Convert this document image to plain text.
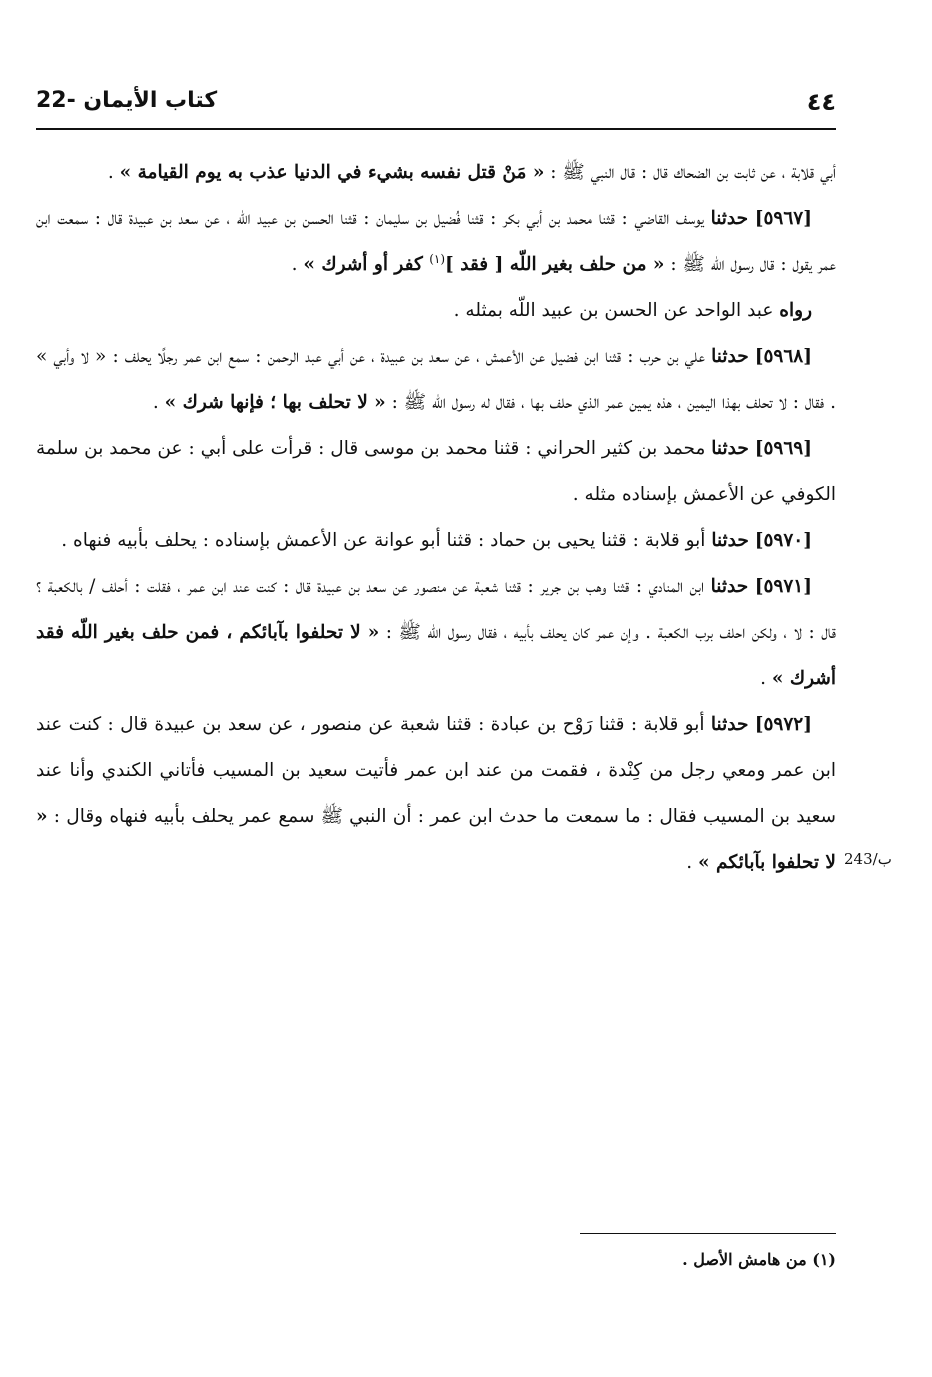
٤٤
22- كتاب الأيمان
243/ب

أبي قلابة ، عن ثابت بن الضحاك قال : قال النبي ﷺ : « مَنْ قتل نفسه بشيء في الدنيا عذب به يوم القيامة » .

[٥٩٦٧] حدثنا يوسف القاضي : قثنا محمد بن أبي بكر : قثنا فُضيل بن سليمان : قثنا الحسن بن عبيد اللّه ، عن سعد بن عبيدة قال : سمعت ابن عمر يقول : قال رسول اللّه ﷺ : « من حلف بغير اللّه [ فقد ]$^{(١)}$ كفر أو أشرك » .

رواه عبد الواحد عن الحسن بن عبيد اللّه بمثله .

[٥٩٦٨] حدثنا علي بن حرب : قثنا ابن فضيل عن الأعمش ، عن سعد بن عبيدة ، عن أبي عبد الرحمن : سمع ابن عمر رجلًا يحلف : « لا وأبي » . فقال : لا تحلف بهذا اليمين ، هذه يمين عمر الذي حلف بها ، فقال له رسول اللّه ﷺ : « لا تحلف بها ؛ فإنها شرك » .

[٥٩٦٩] حدثنا محمد بن كثير الحراني : قثنا محمد بن موسى قال : قرأت على أبي : عن محمد بن سلمة الكوفي عن الأعمش بإسناده مثله .

[٥٩٧٠] حدثنا أبو قلابة : قثنا يحيى بن حماد : قثنا أبو عوانة عن الأعمش بإسناده : يحلف بأبيه فنهاه .

[٥٩٧١] حدثنا ابن المنادي : قثنا وهب بن جرير : قثنا شعبة عن منصور عن سعد بن عبيدة قال : كنت عند ابن عمر ، فقلت : أحلف / بالكعبة ؟ قال : لا ، ولكن احلف برب الكعبة . وإن عمر كان يحلف بأبيه ، فقال رسول اللّه ﷺ : « لا تحلفوا بآبائكم ، فمن حلف بغير اللّه فقد أشرك » .

[٥٩٧٢] حدثنا أبو قلابة : قثنا رَوْح بن عبادة : قثنا شعبة عن منصور ، عن سعد بن عبيدة قال : كنت عند ابن عمر ومعي رجل من كِنْدة ، فقمت من عند ابن عمر فأتيت سعيد بن المسيب فأتاني الكندي وأنا عند سعيد بن المسيب فقال : ما سمعت ما حدث ابن عمر : أن النبي ﷺ سمع عمر يحلف بأبيه فنهاه وقال : « لا تحلفوا بآبائكم » .

(١) من هامش الأصل .
